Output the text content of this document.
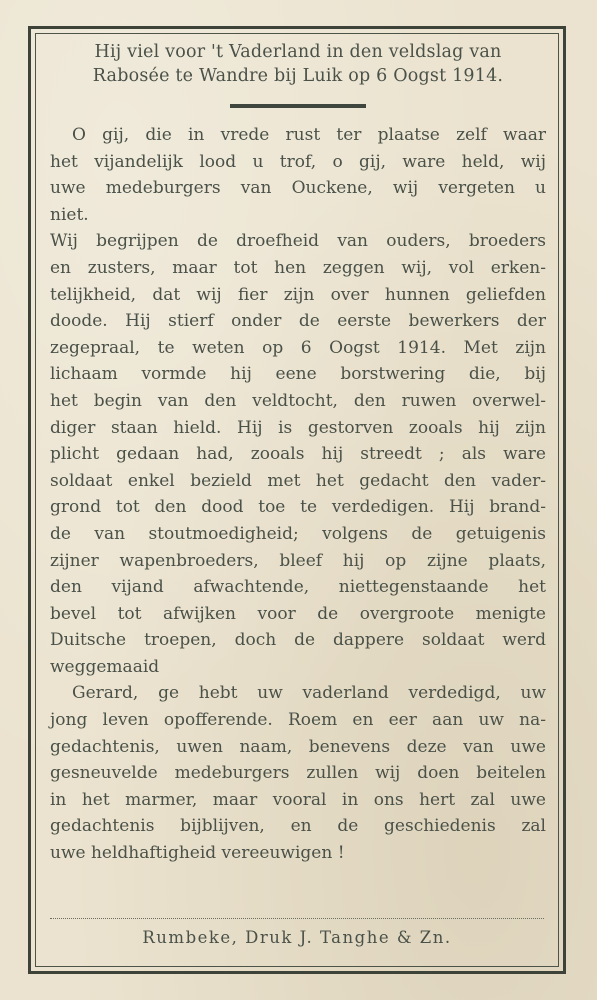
Hij viel voor 't Vaderland in den veldslag van
Rabosée te Wandre bij Luik op 6 Oogst 1914.
O gij, die in vrede rust ter plaatse zelf waar
het vijandelijk lood u trof, o gij, ware held, wij
uwe medeburgers van Ouckene, wij vergeten u
niet.
Wij begrijpen de droefheid van ouders, broeders
en zusters, maar tot hen zeggen wij, vol erken-
telijkheid, dat wij fier zijn over hunnen geliefden
doode. Hij stierf onder de eerste bewerkers der
zegepraal, te weten op 6 Oogst 1914. Met zijn
lichaam vormde hij eene borstwering die, bij
het begin van den veldtocht, den ruwen overwel-
diger staan hield. Hij is gestorven zooals hij zijn
plicht gedaan had, zooals hij streedt ; als ware
soldaat enkel bezield met het gedacht den vader-
grond tot den dood toe te verdedigen. Hij brand-
de van stoutmoedigheid; volgens de getuigenis
zijner wapenbroeders, bleef hij op zijne plaats,
den vijand afwachtende, niettegenstaande het
bevel tot afwijken voor de overgroote menigte
Duitsche troepen, doch de dappere soldaat werd
weggemaaid
Gerard, ge hebt uw vaderland verdedigd, uw
jong leven opofferende. Roem en eer aan uw na-
gedachtenis, uwen naam, benevens deze van uwe
gesneuvelde medeburgers zullen wij doen beitelen
in het marmer, maar vooral in ons hert zal uwe
gedachtenis bijblijven, en de geschiedenis zal
uwe heldhaftigheid vereeuwigen !
Rumbeke, Druk J. Tanghe & Zn.
